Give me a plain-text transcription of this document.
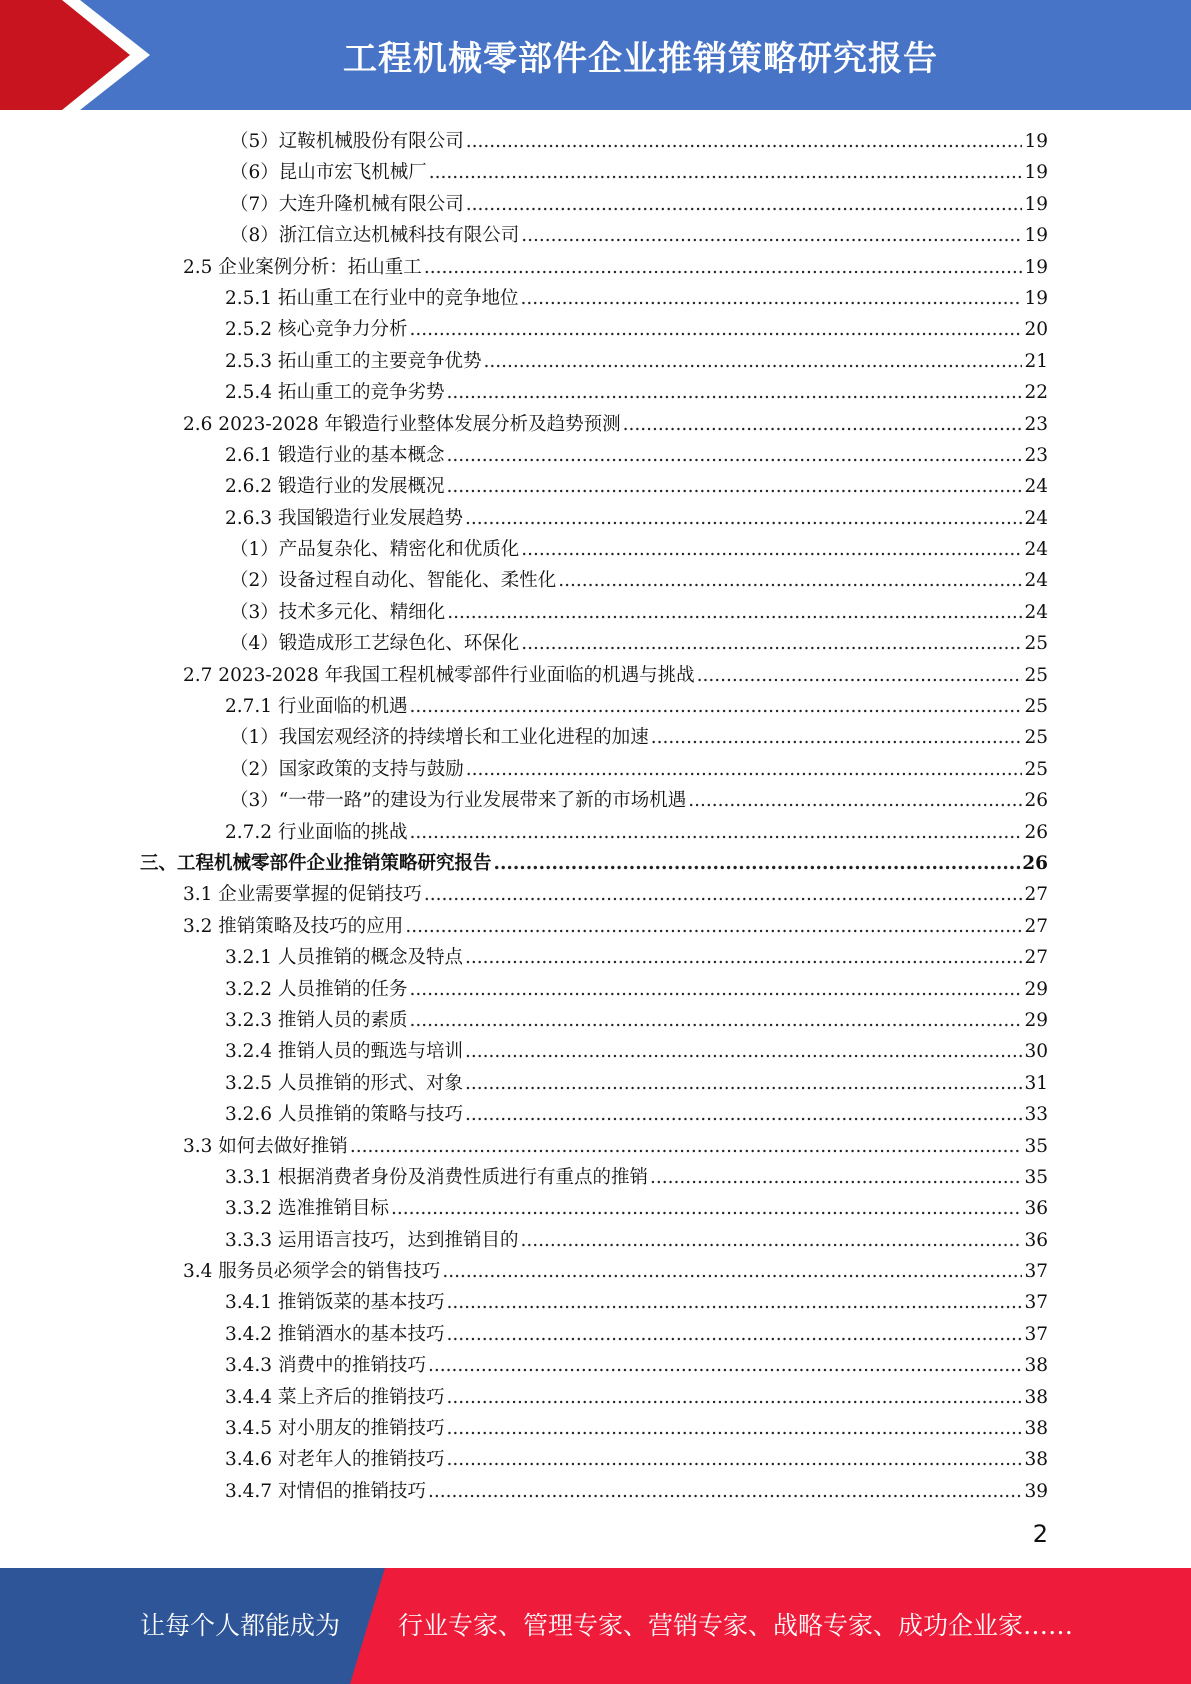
工程机械零部件企业推销策略研究报告
（5）辽鞍机械股份有限公司 .....	19
（6）昆山市宏飞机械厂 .....	19
（7）大连升隆机械有限公司 .....	19
（8）浙江信立达机械科技有限公司 .....	19
2.5 企业案例分析：拓山重工 .....	19
2.5.1 拓山重工在行业中的竞争地位 .....	19
2.5.2 核心竞争力分析 .....	20
2.5.3 拓山重工的主要竞争优势 .....	21
2.5.4 拓山重工的竞争劣势 .....	22
2.6 2023-2028 年锻造行业整体发展分析及趋势预测 .....	23
2.6.1 锻造行业的基本概念 .....	23
2.6.2 锻造行业的发展概况 .....	24
2.6.3 我国锻造行业发展趋势 .....	24
（1）产品复杂化、精密化和优质化 .....	24
（2）设备过程自动化、智能化、柔性化 .....	24
（3）技术多元化、精细化 .....	24
（4）锻造成形工艺绿色化、环保化 .....	25
2.7 2023-2028 年我国工程机械零部件行业面临的机遇与挑战 .....	25
2.7.1 行业面临的机遇 .....	25
（1）我国宏观经济的持续增长和工业化进程的加速 .....	25
（2）国家政策的支持与鼓励 .....	25
（3）“一带一路”的建设为行业发展带来了新的市场机遇 .....	26
2.7.2 行业面临的挑战 .....	26
三、工程机械零部件企业推销策略研究报告 .....	26
3.1 企业需要掌握的促销技巧 .....	27
3.2 推销策略及技巧的应用 .....	27
3.2.1 人员推销的概念及特点 .....	27
3.2.2 人员推销的任务 .....	29
3.2.3 推销人员的素质 .....	29
3.2.4 推销人员的甄选与培训 .....	30
3.2.5 人员推销的形式、对象 .....	31
3.2.6 人员推销的策略与技巧 .....	33
3.3 如何去做好推销 .....	35
3.3.1 根据消费者身份及消费性质进行有重点的推销 .....	35
3.3.2 选准推销目标 .....	36
3.3.3 运用语言技巧，达到推销目的 .....	36
3.4 服务员必须学会的销售技巧 .....	37
3.4.1 推销饭菜的基本技巧 .....	37
3.4.2 推销酒水的基本技巧 .....	37
3.4.3 消费中的推销技巧 .....	38
3.4.4 菜上齐后的推销技巧 .....	38
3.4.5 对小朋友的推销技巧 .....	38
3.4.6 对老年人的推销技巧 .....	38
3.4.7 对情侣的推销技巧 .....	39
2
让每个人都能成为 行业专家、管理专家、营销专家、战略专家、成功企业家……
